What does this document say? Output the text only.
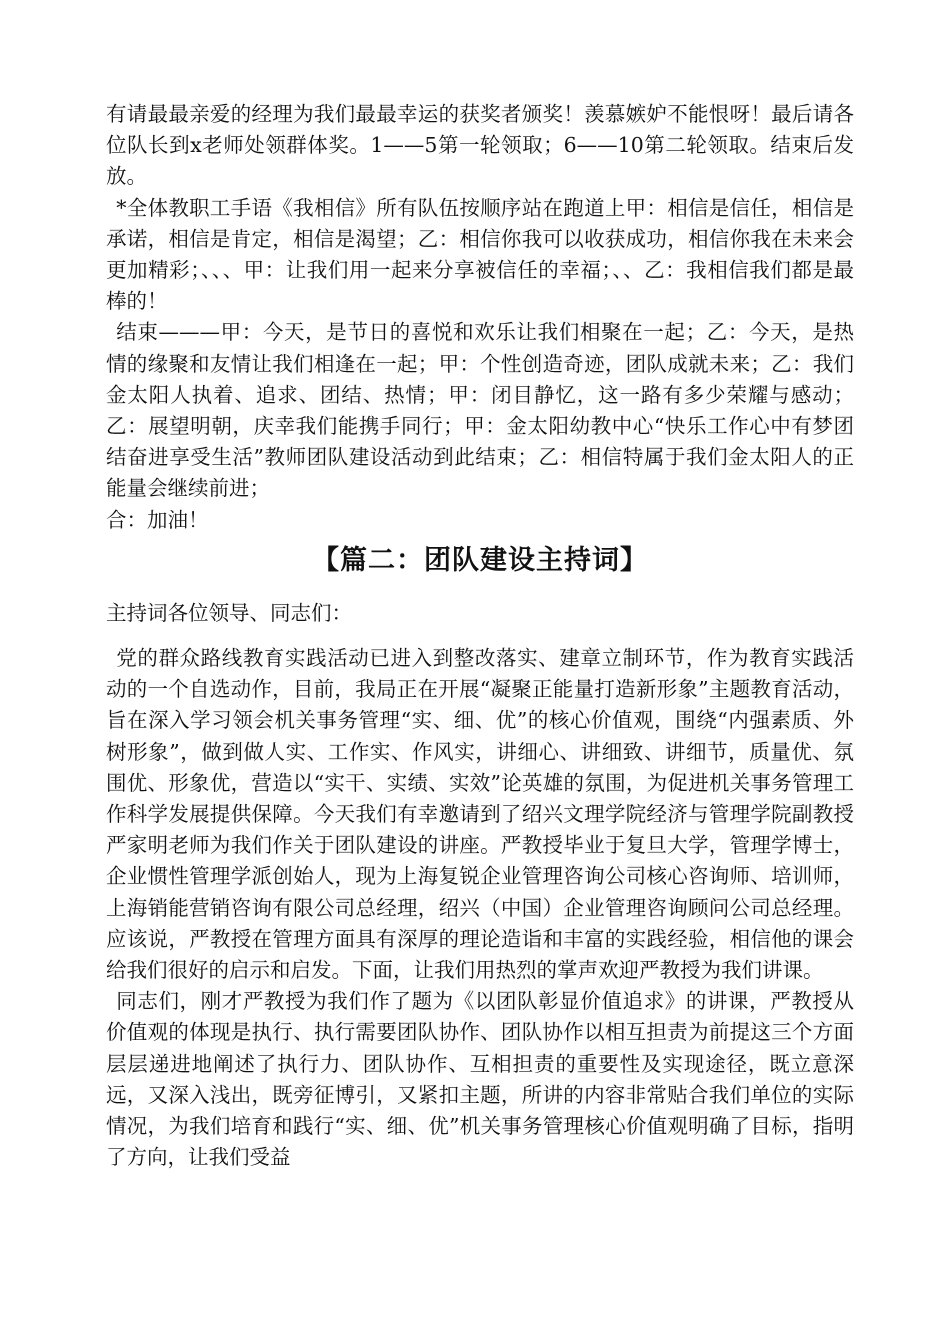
有请最最亲爱的经理为我们最最幸运的获奖者颁奖！羡慕嫉妒不能恨呀！最后请各位队长到x老师处领群体奖。1——5第一轮领取；6——10第二轮领取。结束后发放。

*全体教职工手语《我相信》所有队伍按顺序站在跑道上甲：相信是信任，相信是承诺，相信是肯定，相信是渴望；乙：相信你我可以收获成功，相信你我在未来会更加精彩；、、、甲：让我们用一起来分享被信任的幸福；、、乙：我相信我们都是最棒的！

结束———甲：今天，是节日的喜悦和欢乐让我们相聚在一起；乙：今天，是热情的缘聚和友情让我们相逢在一起；甲：个性创造奇迹，团队成就未来；乙：我们金太阳人执着、追求、团结、热情；甲：闭目静忆，这一路有多少荣耀与感动；乙：展望明朝，庆幸我们能携手同行；甲：金太阳幼教中心“快乐工作心中有梦团结奋进享受生活”教师团队建设活动到此结束；乙：相信特属于我们金太阳人的正能量会继续前进；

合：加油！

【篇二：团队建设主持词】

主持词各位领导、同志们：

党的群众路线教育实践活动已进入到整改落实、建章立制环节，作为教育实践活动的一个自选动作，目前，我局正在开展“凝聚正能量打造新形象”主题教育活动，旨在深入学习领会机关事务管理“实、细、优”的核心价值观，围绕“内强素质、外树形象”，做到做人实、工作实、作风实，讲细心、讲细致、讲细节，质量优、氛围优、形象优，营造以“实干、实绩、实效”论英雄的氛围，为促进机关事务管理工作科学发展提供保障。今天我们有幸邀请到了绍兴文理学院经济与管理学院副教授严家明老师为我们作关于团队建设的讲座。严教授毕业于复旦大学，管理学博士，企业惯性管理学派创始人，现为上海复锐企业管理咨询公司核心咨询师、培训师，上海销能营销咨询有限公司总经理，绍兴（中国）企业管理咨询顾问公司总经理。应该说，严教授在管理方面具有深厚的理论造诣和丰富的实践经验，相信他的课会给我们很好的启示和启发。下面，让我们用热烈的掌声欢迎严教授为我们讲课。

同志们，刚才严教授为我们作了题为《以团队彰显价值追求》的讲课，严教授从价值观的体现是执行、执行需要团队协作、团队协作以相互担责为前提这三个方面层层递进地阐述了执行力、团队协作、互相担责的重要性及实现途径，既立意深远，又深入浅出，既旁征博引，又紧扣主题，所讲的内容非常贴合我们单位的实际情况，为我们培育和践行“实、细、优”机关事务管理核心价值观明确了目标，指明了方向，让我们受益
